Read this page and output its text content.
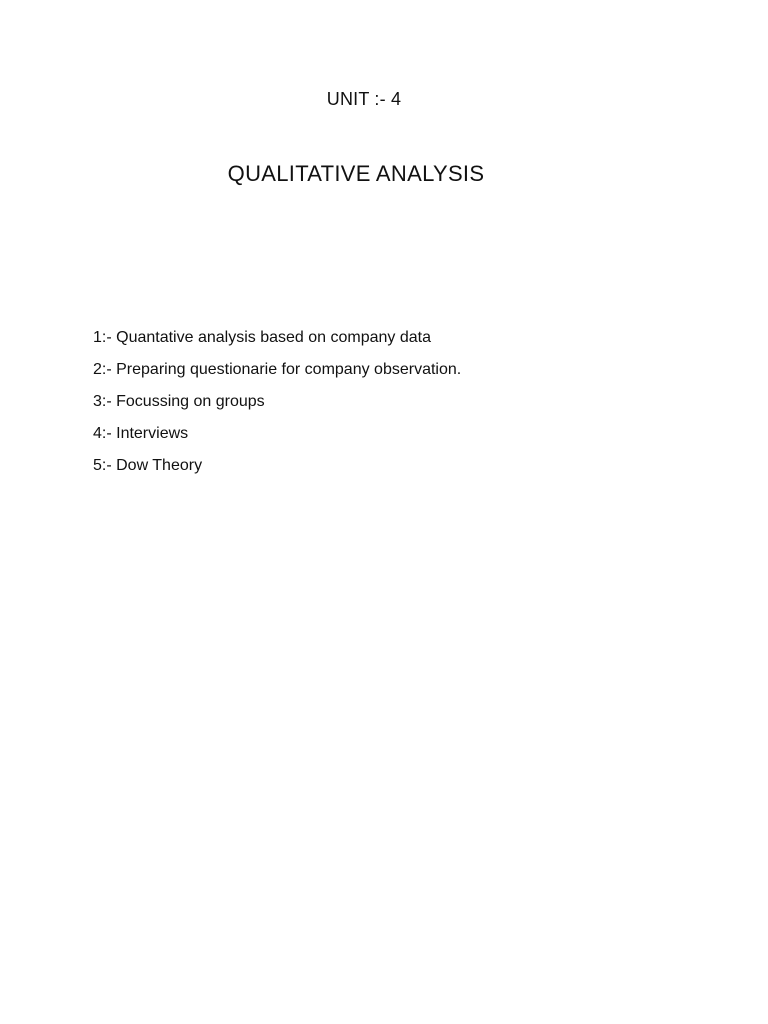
UNIT :- 4
QUALITATIVE ANALYSIS
1:- Quantative analysis based on company data
2:- Preparing questionarie for company observation.
3:- Focussing on groups
4:- Interviews
5:- Dow Theory
